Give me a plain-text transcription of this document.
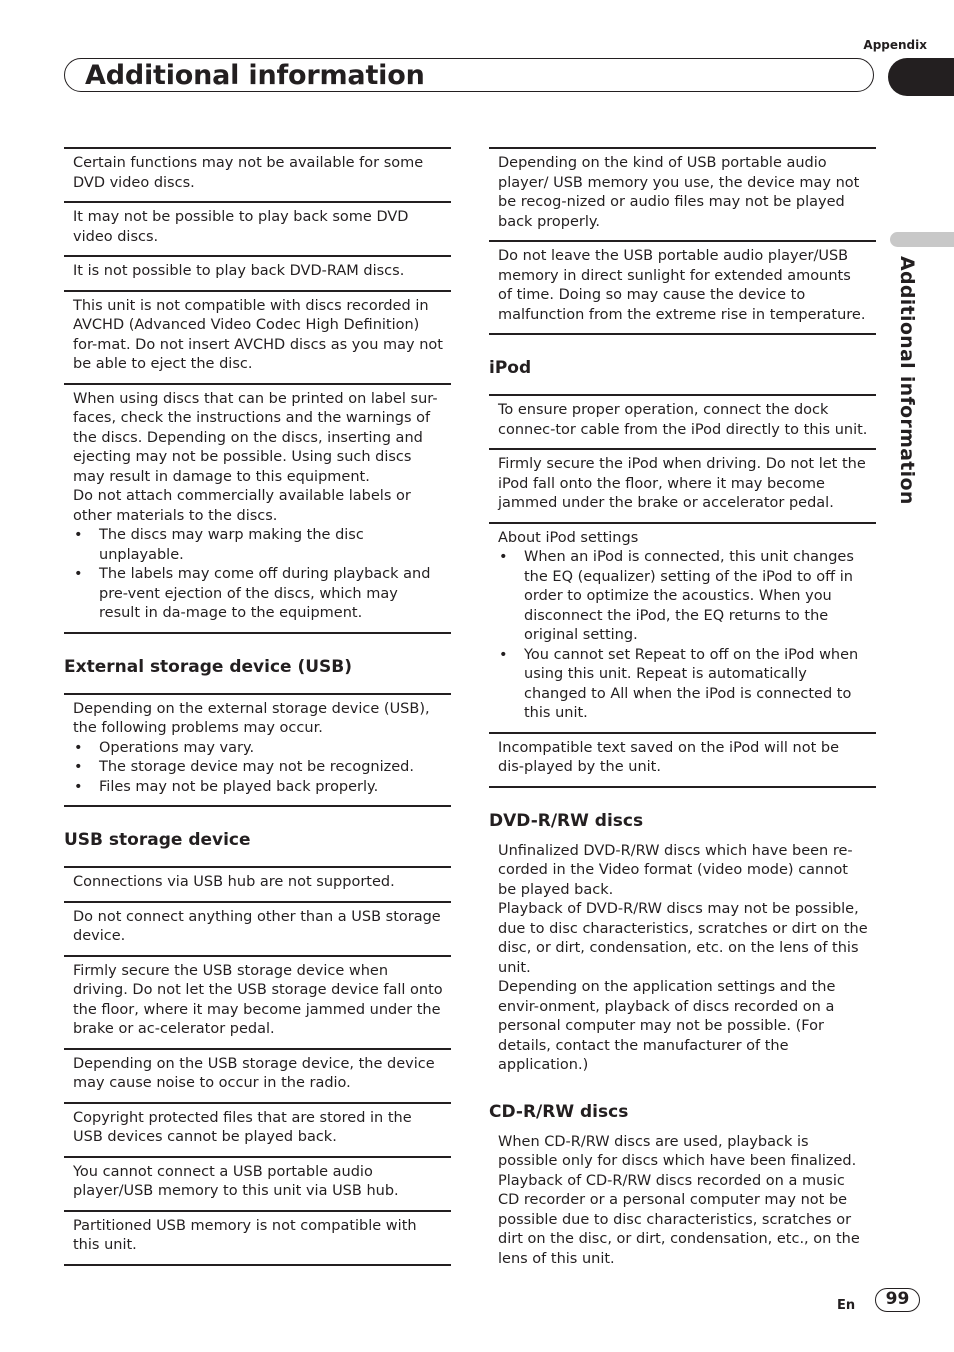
Appendix
Additional information
Additional information

Certain functions may not be available for some DVD video discs.

It may not be possible to play back some DVD video discs.

It is not possible to play back DVD-RAM discs.

This unit is not compatible with discs recorded in AVCHD (Advanced Video Codec High Definition) for-mat. Do not insert AVCHD discs as you may not be able to eject the disc.

When using discs that can be printed on label sur-faces, check the instructions and the warnings of the discs. Depending on the discs, inserting and ejecting may not be possible. Using such discs may result in damage to this equipment.

Do not attach commercially available labels or other materials to the discs.

• The discs may warp making the disc unplayable.
• The labels may come off during playback and pre-vent ejection of the discs, which may result in da-mage to the equipment.
External storage device (USB)

Depending on the external storage device (USB), the following problems may occur.

• Operations may vary.
• The storage device may not be recognized.
• Files may not be played back properly.
USB storage device

Connections via USB hub are not supported.

Do not connect anything other than a USB storage device.

Firmly secure the USB storage device when driving. Do not let the USB storage device fall onto the floor, where it may become jammed under the brake or ac-celerator pedal.

Depending on the USB storage device, the device may cause noise to occur in the radio.

Copyright protected files that are stored in the USB devices cannot be played back.

You cannot connect a USB portable audio player/USB memory to this unit via USB hub.

Partitioned USB memory is not compatible with this unit.

Depending on the kind of USB portable audio player/ USB memory you use, the device may not be recog-nized or audio files may not be played back properly.

Do not leave the USB portable audio player/USB memory in direct sunlight for extended amounts of time. Doing so may cause the device to malfunction from the extreme rise in temperature.

iPod

To ensure proper operation, connect the dock connec-tor cable from the iPod directly to this unit.

Firmly secure the iPod when driving. Do not let the iPod fall onto the floor, where it may become jammed under the brake or accelerator pedal.

About iPod settings

• When an iPod is connected, this unit changes the EQ (equalizer) setting of the iPod to off in order to optimize the acoustics. When you disconnect the iPod, the EQ returns to the original setting.
• You cannot set Repeat to off on the iPod when using this unit. Repeat is automatically changed to All when the iPod is connected to this unit.

Incompatible text saved on the iPod will not be dis-played by the unit.

DVD-R/RW discs

Unfinalized DVD-R/RW discs which have been re-corded in the Video format (video mode) cannot be played back.

Playback of DVD-R/RW discs may not be possible, due to disc characteristics, scratches or dirt on the disc, or dirt, condensation, etc. on the lens of this unit.

Depending on the application settings and the envir-onment, playback of discs recorded on a personal computer may not be possible. (For details, contact the manufacturer of the application.)

CD-R/RW discs

When CD-R/RW discs are used, playback is possible only for discs which have been finalized.

Playback of CD-R/RW discs recorded on a music CD recorder or a personal computer may not be possible due to disc characteristics, scratches or dirt on the disc, or dirt, condensation, etc., on the lens of this unit.

En	99
